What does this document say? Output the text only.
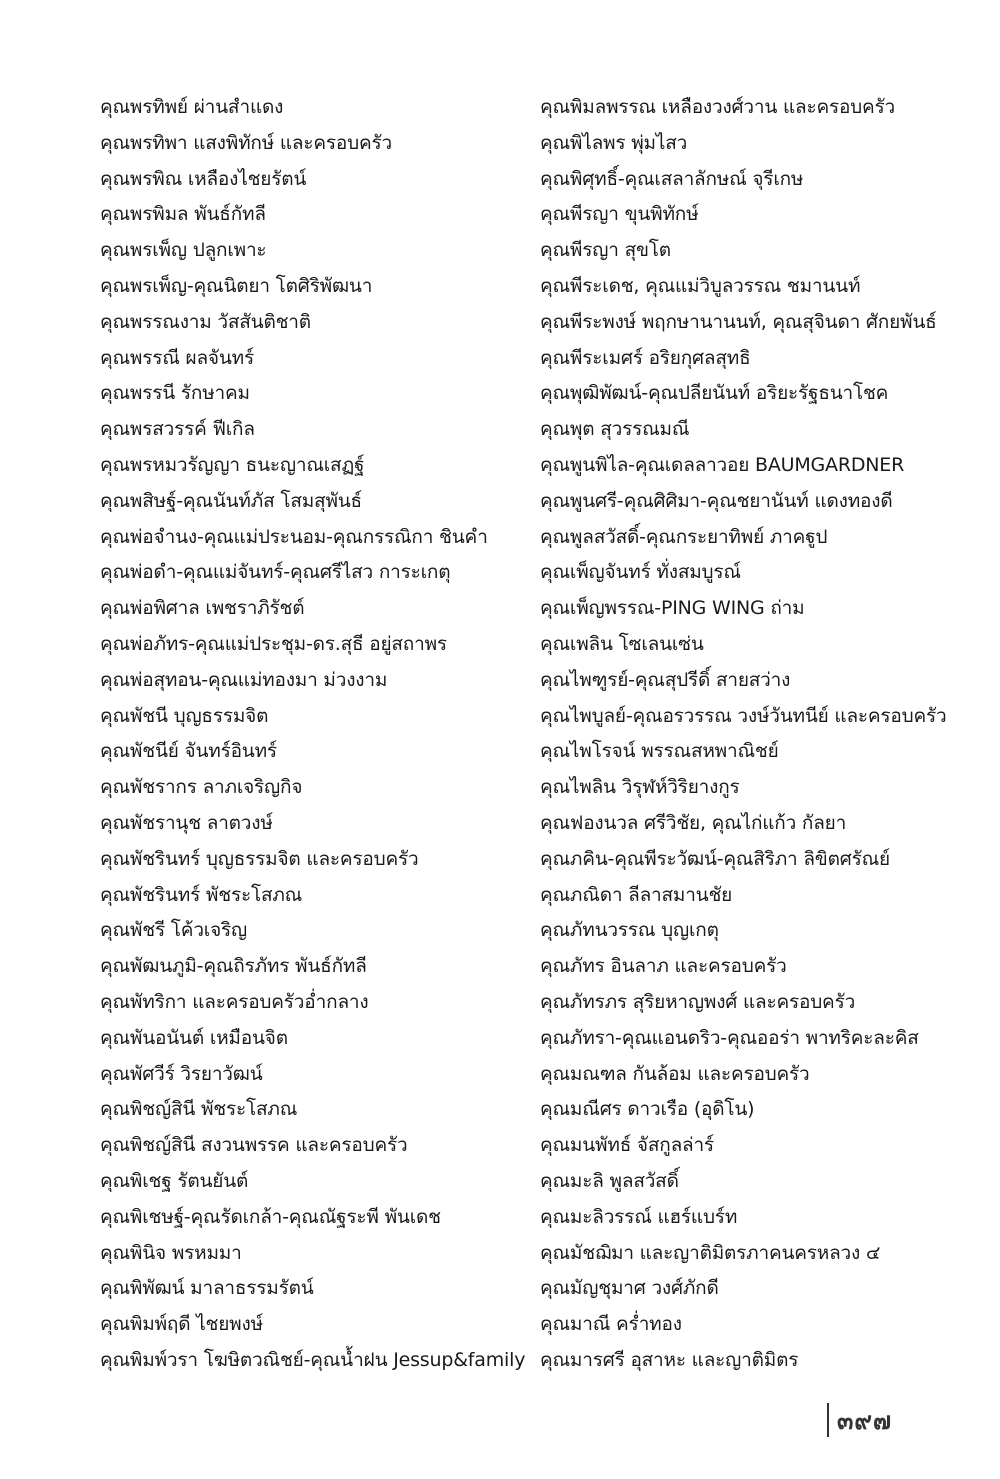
คุณพรทิพย์ ผ่านสำแดง
คุณพรทิพา แสงพิทักษ์ และครอบครัว
คุณพรพิณ เหลืองไชยรัตน์
คุณพรพิมล พันธ์กัทลี
คุณพรเพ็ญ ปลูกเพาะ
คุณพรเพ็ญ-คุณนิตยา โตศิริพัฒนา
คุณพรรณงาม วัสสันติชาติ
คุณพรรณี ผลจันทร์
คุณพรรนี รักษาคม
คุณพรสวรรค์ ฟีเกิล
คุณพรหมวรัญญา ธนะญาณเสฏฐ์
คุณพสิษฐ์-คุณนันท์ภัส โสมสุพันธ์
คุณพ่อจำนง-คุณแม่ประนอม-คุณกรรณิกา ชินคำ
คุณพ่อดำ-คุณแม่จันทร์-คุณศรีไสว การะเกตุ
คุณพ่อพิศาล เพชราภิรัชต์
คุณพ่อภัทร-คุณแม่ประชุม-ดร.สุธี อยู่สถาพร
คุณพ่อสุทอน-คุณแม่ทองมา ม่วงงาม
คุณพัชนี บุญธรรมจิต
คุณพัชนีย์ จันทร์อินทร์
คุณพัชรากร ลาภเจริญกิจ
คุณพัชรานุช ลาตวงษ์
คุณพัชรินทร์ บุญธรรมจิต และครอบครัว
คุณพัชรินทร์ พัชระโสภณ
คุณพัชรี โค้วเจริญ
คุณพัฒนภูมิ-คุณถิรภัทร พันธ์กัทลี
คุณพัทริกา และครอบครัวอ่ำกลาง
คุณพันอนันต์ เหมือนจิต
คุณพัศวีร์ วิรยาวัฒน์
คุณพิชญ์สินี พัชระโสภณ
คุณพิชญ์สินี สงวนพรรค และครอบครัว
คุณพิเชฐ รัตนยันต์
คุณพิเชษฐ์-คุณรัดเกล้า-คุณณัฐระพี พันเดช
คุณพินิจ พรหมมา
คุณพิพัฒน์ มาลาธรรมรัตน์
คุณพิมพ์ฤดี ไชยพงษ์
คุณพิมพ์วรา โฆษิตวณิชย์-คุณน้ำฝน Jessup&family
คุณพิมลพรรณ เหลืองวงศ์วาน และครอบครัว
คุณพิไลพร พุ่มไสว
คุณพิศุทธิ์-คุณเสลาลักษณ์ จุรีเกษ
คุณพีรญา ขุนพิทักษ์
คุณพีรญา สุขโต
คุณพีระเดช, คุณแม่วิบูลวรรณ ชมานนท์
คุณพีระพงษ์ พฤกษานานนท์, คุณสุจินดา ศักยพันธ์
คุณพีระเมศร์ อริยกุศลสุทธิ
คุณพุฒิพัฒน์-คุณปลียนันท์ อริยะรัฐธนาโชค
คุณพุต สุวรรณมณี
คุณพูนพิไล-คุณเดลลาวอย BAUMGARDNER
คุณพูนศรี-คุณศิศิมา-คุณชยานันท์ แดงทองดี
คุณพูลสวัสดิ์-คุณกระยาทิพย์ ภาคฐูป
คุณเพ็ญจันทร์ ทั่งสมบูรณ์
คุณเพ็ญพรรณ-PING WING ถ่าม
คุณเพลิน โซเลนเซ่น
คุณไพฑูรย์-คุณสุปรีดิ์ สายสว่าง
คุณไพบูลย์-คุณอรวรรณ วงษ์วันทนีย์ และครอบครัว
คุณไพโรจน์ พรรณสหพาณิชย์
คุณไพลิน วิรุฬห์วิริยางกูร
คุณฟองนวล ศรีวิชัย, คุณไก่แก้ว กัลยา
คุณภคิน-คุณพีระวัฒน์-คุณสิริภา ลิขิตศรัณย์
คุณภณิดา ลีลาสมานชัย
คุณภัทนวรรณ บุญเกตุ
คุณภัทร อินลาภ และครอบครัว
คุณภัทรภร สุริยหาญพงศ์ และครอบครัว
คุณภัทรา-คุณแอนดริว-คุณออร่า พาทริคะละคิส
คุณมณฑล กันล้อม และครอบครัว
คุณมณีศร ดาวเรือ (อุดิโน)
คุณมนพัทธ์ จัสกูลล่าร์
คุณมะลิ พูลสวัสดิ์
คุณมะลิวรรณ์ แฮร์แบร์ท
คุณมัชฌิมา และญาติมิตรภาคนครหลวง ๔
คุณมัญชุมาศ วงศ์ภักดี
คุณมาณี คร่ำทอง
คุณมารศรี อุสาหะ และญาติมิตร
๓๙๗
